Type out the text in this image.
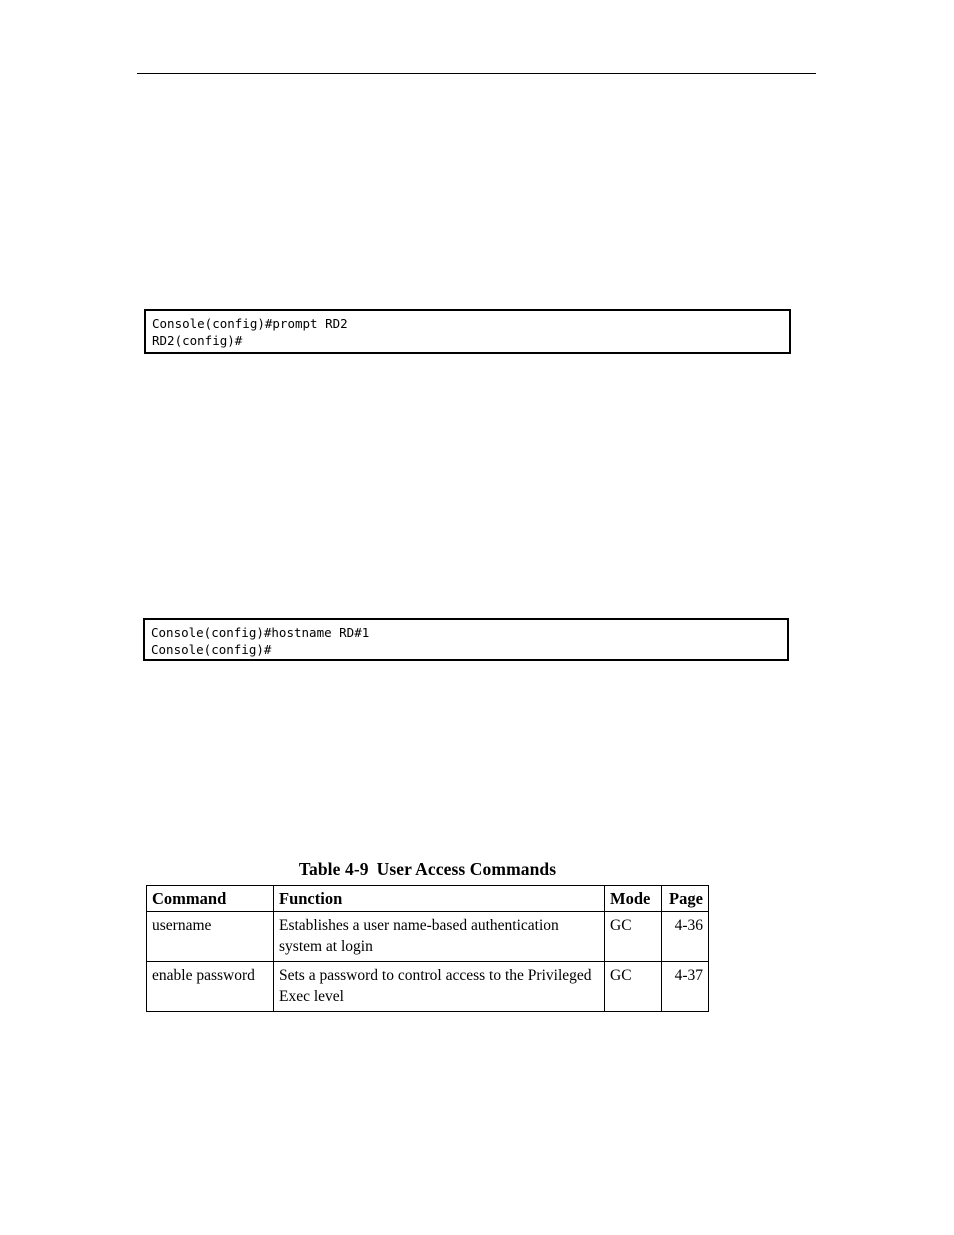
Console(config)#prompt RD2
RD2(config)#
Console(config)#hostname RD#1
Console(config)#
Table 4-9 User Access Commands
Command	Function	Mode	Page
username	Establishes a user name-based authentication system at login	GC	4-36
enable password	Sets a password to control access to the Privileged Exec level	GC	4-37
